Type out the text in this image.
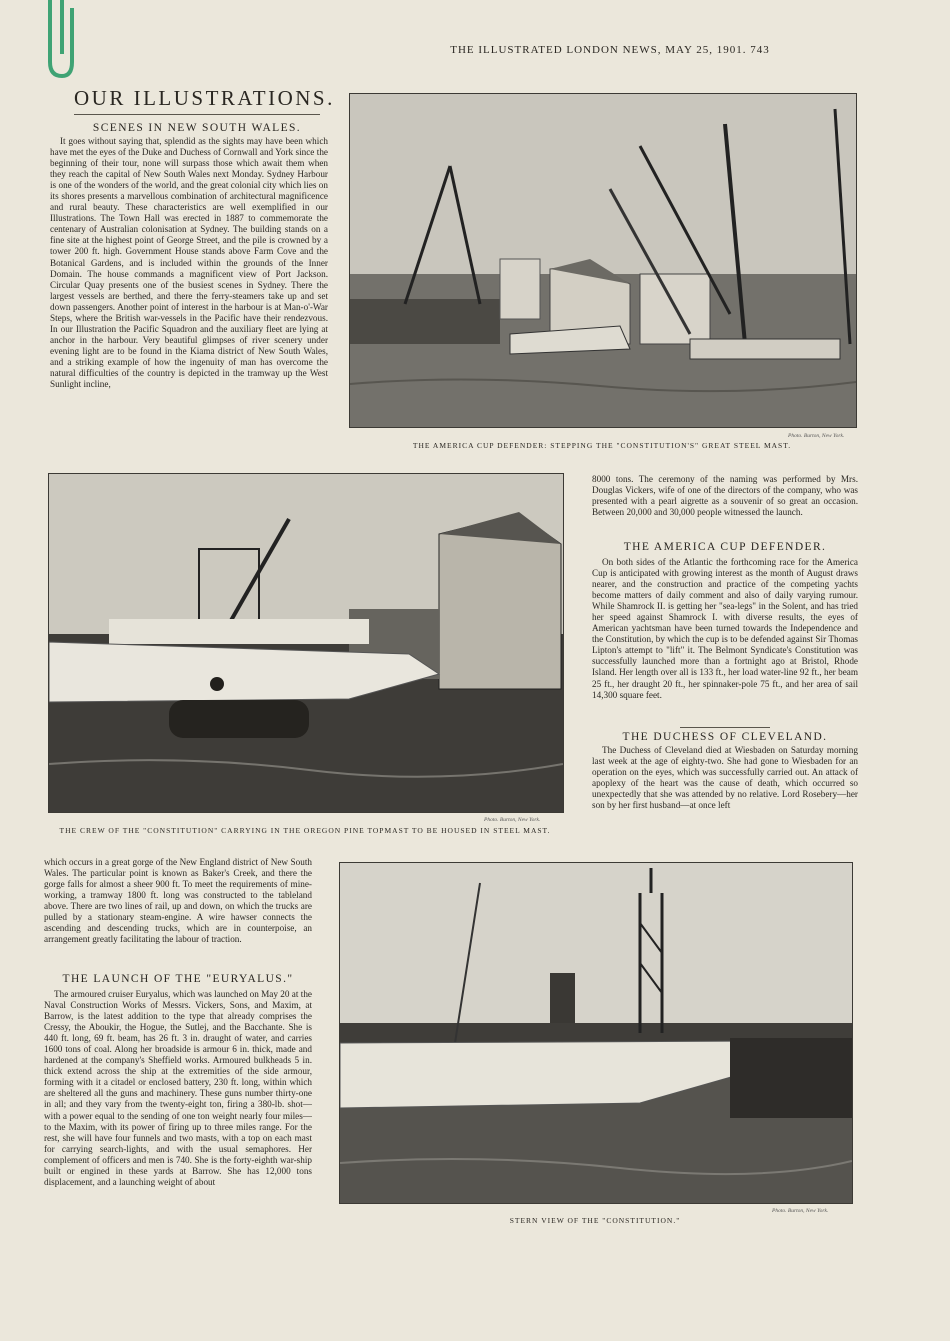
THE ILLUSTRATED LONDON NEWS, MAY 25, 1901. 743
OUR ILLUSTRATIONS.
SCENES IN NEW SOUTH WALES.

It goes without saying that, splendid as the sights may have been which have met the eyes of the Duke and Duchess of Cornwall and York since the beginning of their tour, none will surpass those which await them when they reach the capital of New South Wales next Monday. Sydney Harbour is one of the wonders of the world, and the great colonial city which lies on its shores presents a marvellous combination of architectural magnificence and rural beauty. These characteristics are well exemplified in our Illustrations. The Town Hall was erected in 1887 to commemorate the centenary of Australian colonisation at Sydney. The building stands on a fine site at the highest point of George Street, and the pile is crowned by a tower 200 ft. high. Government House stands above Farm Cove and the Botanical Gardens, and is included within the grounds of the Inner Domain. The house commands a magnificent view of Port Jackson. Circular Quay presents one of the busiest scenes in Sydney. There the largest vessels are berthed, and there the ferry-steamers take up and set down passengers. Another point of interest in the harbour is at Man-o'-War Steps, where the British war-vessels in the Pacific have their rendezvous. In our Illustration the Pacific Squadron and the auxiliary fleet are lying at anchor in the harbour. Very beautiful glimpses of river scenery under evening light are to be found in the Kiama district of New South Wales, and a striking example of how the ingenuity of man has overcome the natural difficulties of the country is depicted in the tramway up the West Sunlight incline,

Photo. Burton, New York.
THE AMERICA CUP DEFENDER: STEPPING THE "CONSTITUTION'S" GREAT STEEL MAST.
Photo. Burton, New York.
THE CREW OF THE "CONSTITUTION" CARRYING IN THE OREGON PINE TOPMAST TO BE HOUSED IN STEEL MAST.

8000 tons. The ceremony of the naming was performed by Mrs. Douglas Vickers, wife of one of the directors of the company, who was presented with a pearl aigrette as a souvenir of so great an occasion. Between 20,000 and 30,000 people witnessed the launch.

THE AMERICA CUP DEFENDER.

On both sides of the Atlantic the forthcoming race for the America Cup is anticipated with growing interest as the month of August draws nearer, and the construction and practice of the competing yachts become matters of daily comment and also of daily varying rumour. While Shamrock II. is getting her "sea-legs" in the Solent, and has tried her speed against Shamrock I. with diverse results, the eyes of American yachtsman have been turned towards the Independence and the Constitution, by which the cup is to be defended against Sir Thomas Lipton's attempt to "lift" it. The Belmont Syndicate's Constitution was successfully launched more than a fortnight ago at Bristol, Rhode Island. Her length over all is 133 ft., her load water-line 92 ft., her beam 25 ft., her draught 20 ft., her spinnaker-pole 75 ft., and her area of sail 14,300 square feet.

THE DUCHESS OF CLEVELAND.

The Duchess of Cleveland died at Wiesbaden on Saturday morning last week at the age of eighty-two. She had gone to Wiesbaden for an operation on the eyes, which was successfully carried out. An attack of apoplexy of the heart was the cause of death, which occurred so unexpectedly that she was attended by no relative. Lord Rosebery—her son by her first husband—at once left

which occurs in a great gorge of the New England district of New South Wales. The particular point is known as Baker's Creek, and there the gorge falls for almost a sheer 900 ft. To meet the requirements of mine-working, a tramway 1800 ft. long was constructed to the tableland above. There are two lines of rail, up and down, on which the trucks are pulled by a stationary steam-engine. A wire hawser connects the ascending and descending trucks, which are in counterpoise, an arrangement greatly facilitating the labour of traction.

THE LAUNCH OF THE "EURYALUS."

The armoured cruiser Euryalus, which was launched on May 20 at the Naval Construction Works of Messrs. Vickers, Sons, and Maxim, at Barrow, is the latest addition to the type that already comprises the Cressy, the Aboukir, the Hogue, the Sutlej, and the Bacchante. She is 440 ft. long, 69 ft. beam, has 26 ft. 3 in. draught of water, and carries 1600 tons of coal. Along her broadside is armour 6 in. thick, made and hardened at the company's Sheffield works. Armoured bulkheads 5 in. thick extend across the ship at the extremities of the side armour, forming with it a citadel or enclosed battery, 230 ft. long, within which are sheltered all the guns and machinery. These guns number thirty-one in all; and they vary from the twenty-eight ton, firing a 380-lb. shot—with a power equal to the sending of one ton weight nearly four miles—to the Maxim, with its power of firing up to three miles range. For the rest, she will have four funnels and two masts, with a top on each mast for carrying search-lights, and with the usual semaphores. Her complement of officers and men is 740. She is the forty-eighth war-ship built or engined in these yards at Barrow. She has 12,000 tons displacement, and a launching weight of about

Photo. Burton, New York.
STERN VIEW OF THE "CONSTITUTION."
